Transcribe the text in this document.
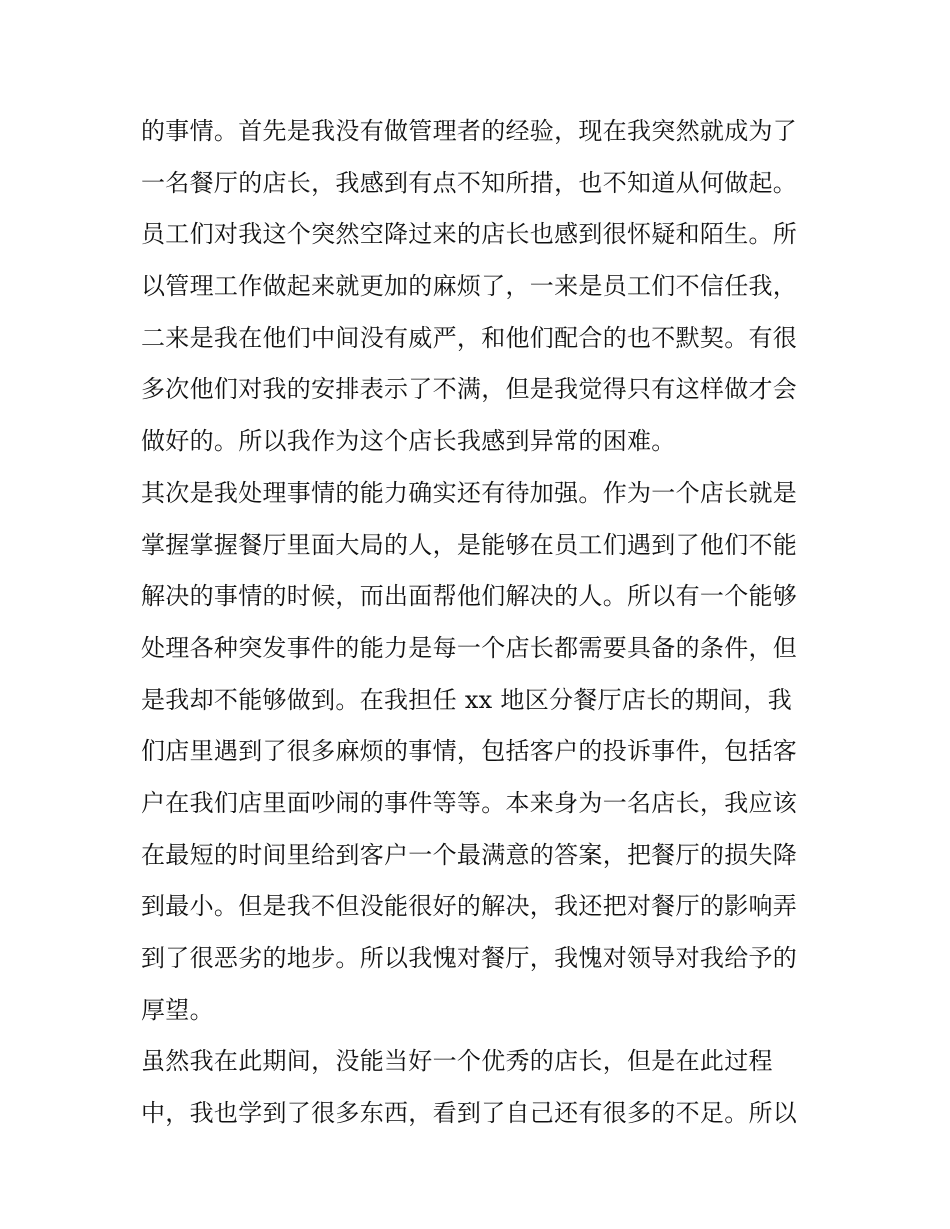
的事情。首先是我没有做管理者的经验，现在我突然就成为了
一名餐厅的店长，我感到有点不知所措，也不知道从何做起。
员工们对我这个突然空降过来的店长也感到很怀疑和陌生。所
以管理工作做起来就更加的麻烦了，一来是员工们不信任我，
二来是我在他们中间没有威严，和他们配合的也不默契。有很
多次他们对我的安排表示了不满，但是我觉得只有这样做才会
做好的。所以我作为这个店长我感到异常的困难。
其次是我处理事情的能力确实还有待加强。作为一个店长就是
掌握掌握餐厅里面大局的人，是能够在员工们遇到了他们不能
解决的事情的时候，而出面帮他们解决的人。所以有一个能够
处理各种突发事件的能力是每一个店长都需要具备的条件，但
是我却不能够做到。在我担任 xx 地区分餐厅店长的期间，我
们店里遇到了很多麻烦的事情，包括客户的投诉事件，包括客
户在我们店里面吵闹的事件等等。本来身为一名店长，我应该
在最短的时间里给到客户一个最满意的答案，把餐厅的损失降
到最小。但是我不但没能很好的解决，我还把对餐厅的影响弄
到了很恶劣的地步。所以我愧对餐厅，我愧对领导对我给予的
厚望。
虽然我在此期间，没能当好一个优秀的店长，但是在此过程
中，我也学到了很多东西，看到了自己还有很多的不足。所以
